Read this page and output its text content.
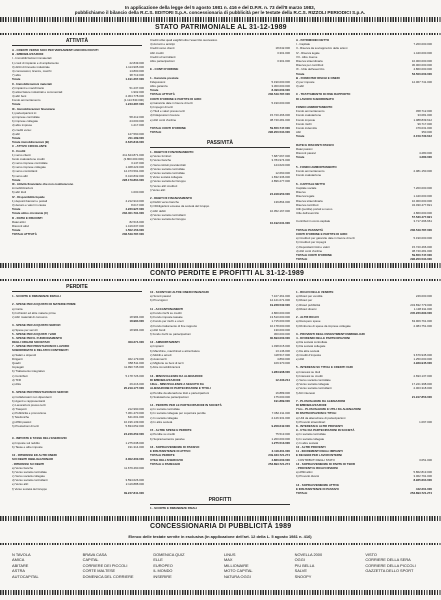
In applicazione della legge del 5 agosto 1981 n. 416 e del D.P.R. n. 73 dell'8 marzo 1983,
pubblichiamo il bilancio della R.C.S. EDITORI S.p.A. concessionaria di pubblicità per le testate della R.C.S. RIZZOLI PERIODICI S.p.A.
STATO PATRIMONIALE AL 31-12-1989
ATTIVITÀ
A - CREDITI VERSO SOCI PER VERSAMENTI ANCORA DOVUTI
B - IMMOBILIZZAZIONI
I - Immobilizzazioni immateriali
1) costi di impianto e di ampliamento	22.849.000
3) diritti di brevetto industriale	1.114.905.000
4) concessioni, licenze, marchi	14.800.000
7) altre	38.713.000
Totale	1.191.267.000
II - Immobilizzazioni materiali
2) impianti e macchinario	51.237.000
3) attrezzature industriali e commerciali	1.902.000
4) altri beni	2.304.778.000
Fondo ammortamento	(1.114.530.000)
Totale	1.243.387.000
III - Immobilizzazioni finanziarie
1) partecipazioni in:
a) imprese controllate	58.412.000
b) imprese collegate	24.000.000
d) altre imprese	1.217.000
2) crediti verso:
d) altri	127.560.000
Totale	211.189.000
Totale immobilizzazioni (B)	2.645.843.000
C - ATTIVO CIRCOLANTE
II - Crediti
1) verso clienti	211.624.871.000
fondo svalutazione crediti	(3.800.000.000)
2) verso imprese controllate	3.147.000
3) verso imprese collegate	1.468.223.000
4) verso controllanti	12.473.591.000
5) verso altri	6.410.832.000
Totale	228.179.864.000
III - Attività finanziarie che non costituiscono
immobilizzazioni
6) altri titoli	1.000.000
IV - Disponibilità liquide
1) depositi bancari e postali	4.212.910.000
3) denaro e valori in cassa	8.017.000
Totale	4.220.927.000
Totale attivo circolante (C)	232.401.791.000
D - RATEI E RISCONTI
Ratei attivi	82.516.000
Risconti attivi	1.419.637.000
Totale	1.502.153.000
TOTALE ATTIVITÀ	236.549.787.000
Crediti v/dei quali esigibili oltre l'esercizio successivo
4) Acconti e anticipi
Crediti verso clienti	18.642.000
Altri crediti	3.301.000
Crediti v/controllanti
Altre partecipazioni	3.301.000
E - CONTI D'ORDINE
1 - Garanzie prestate
Fidejussioni	5.190.000.000
Altre garanzie	3.300.000.000
Totale	8.490.000.000
TOTALE ATTIVITÀ	236.549.787.000
CONTI D'ORDINE E PARTITE DI GIRO
a) Garanzie date in favore di terzi	5.190.000.000
b) Impegni di terzi
c) Titoli e valori presso terzi
d) Fidejussioni ricevute	15.720.466.000
e) Altri conti d'ordine	38.740.281.000
TOTALE CONTI D'ORDINE	59.650.747.000
TOTALE	296.200.534.000
A - PATRIMONIO NETTO
I - Capitale	7.200.000.000
II - Riserva da sovrapprezzo delle azioni
IV - Riserva legale	1.440.000.000
VII - Altre riserve
Riserva straordinaria	10.000.000.000
Riserva per contributi	30.000.000.000
IX - Utile dell'esercizio	4.860.000.000
Totale	53.500.000.000
B - FONDI PER RISCHI E ONERI
2) per imposte	12.067.741.000
3) altri
C - TRATTAMENTO DI FINE RAPPORTO
DI LAVORO SUBORDINATO
FONDO AMMORTAMENTO
Fondo ammortamento	458.712.000
Fondo svalutazione	33.081.000
Fondo imposte	1.088.839.612
Fondo rischi	99.717.000
Fondo indennità	479.031.000
Altri	350.000
Totale	2.159.730.612
RATEI E RISCONTI PASSIVI
Ratei passivi
Risconti passivi	4.280.000
Totale	4.280.000
PASSIVITÀ
1 - DEBITI DI FUNZIONAMENTO
a) Verso fornitori	7.687.067.000
b) Verso banche	3.784.974.000
c) Verso istituti previdenziali	124.620.000
d) Verso società controllate
e) Verso società controllate	12.660.000
f) Verso società collegate	1.832.336.000
g) Verso società del Gruppo	4.896.277.000
h) Verso altri creditori
i) Verso altri
24.918.950.000
2 - DEBITI DI FINANZIAMENTO
a) Debiti verso banche	139.864.000
b) Obbligazioni emesse da società del Gruppo
c) Altri debiti	10.052.167.000
d) Verso società controllanti
e) Verso società del Gruppo
10.192.031.000
5 - FONDO AMMORTAMENTO
Fondo ammortamento	2.081.150.000
Fondo svalutazione
6 - CAPITALE NETTO
Capitale sociale	7.200.000.000
Riserve
Riserva legale	1.440.000.000
Riserva straordinaria	10.000.000.000
Riserva contributi	34.030.477.821
Utili (perdite) portati a nuovo
Utile dell'esercizio	4.860.000.000
57.530.477.821
Contributi in conto capitale	3.717.296.661
TOTALE PASSIVITÀ	236.549.787.000
CONTI D'ORDINE E PARTITE DI GIRO
a) Creditori per garanzie date in favore di terzi	5.190.000.000
b) Creditori per impegni
c) Depositanti titoli e valori	15.720.466.000
d) Altri conti d'ordine	38.740.281.000
TOTALE CONTI D'ORDINE	59.650.747.000
TOTALE	296.200.534.000
CONTO PERDITE E PROFITTI AL 31-12-1989
PERDITE
1 - SCORTE E RIMANENZE INIZIALI
2 - SPESE PER ACQUISTO DI MATERIE PRIME
a) Carta
b) Inchiostri ed altre materie prime
c) Altri materiali di consumo	18.984.000
18.984.000
3 - SPESE PER ACQUISTO SERVIZI
a) Spese per servizi	18.984.000
5 - SPESE PER ACQUISTI / VARI
6 - SPESE PER IL FUNZIONAMENTO
DEGLI ORGANI SOCIETARI	409.271.000
7 - SPESE PER PRESTAZIONI DI LAVORO
SUBORDINATO E RELATIVI CONTRIBUTI
a) Salari e stipendi
Dirigenti	462.179.000
Quadri	958.511.000
Impiegati	11.990.745.000
b) Trattamento integrativo
c) Contributi	5.178.726.000
d) TFR
e) Altre	29.216.000
20.219.177.000
8 - SPESE PER PRESTAZIONI DI SERVIZI
a) Collaboratori non dipendenti
b) Agenti e rappresentanti
c) Lavorazioni presso terzi
d) Trasporti	212.990.000
e) Pubblicità e promozione	7.361.470.000
f) Telefoniche	641.601.000
g) Affitti passivi	10.196.139.000
h) Prestazioni di terzi	5.834.052.000
24.246.252.000
9 - IMPOSTE E TASSE DELL'ESERCIZIO
a) Imposte sul reddito	1.275.638.000
b) Tasse e altre imposte	191.314.000
10 - INTERESSI ED ALTRI ONERI
SUI DEBITI OBBLIGAZIONARI	3.002.300.000
- INTERESSI SU DEBITI
a) Verso banche	11.679.460.000
b) Verso società controllate
c) Verso società collegate
d) Verso società controllanti	3.594.626.000
e) Verso altri	2.119.888.000
f) Verso società del Gruppo
39.247.841.000
10 - SCONTI ED ALTRE ONERI FINANZIARI
a) Sconti passivi	7.107.461.000
b) Provvigioni	12.121.071.000
19.228.532.000
11 - ACCANTONAMENTI
a) Fondo rischi su crediti	4.860.000.000
b) Fondo imposte tassate	13.510.000.000
c) Fondo per rischi e oneri	1.715.000.000
d) Fondo trattamento di fine rapporto	10.178.000.000
e) Altri fondi	130.000.000
f) Fondo rischi su partecipazioni	300.000.000
30.693.000.000
12 - AMMORTAMENTI
a) Impianti	1.038.015.000
b) Macchine, macchinari e attrezzature	13.146.000
c) Mobili e arredi	118.517.000
d) Automezzi	4.860.000
e) Migliorie su beni di terzi	109.370.000
f) Altre immobilizzazioni
1.283.908.000
13 - MINUSVALENZE DA ALIENAZIONI
DI IMMOBILIZZAZIONI	12.433.214
13bis - MINUSVALENZE A SEGUITO DA
ALIENAZIONE DI PARTECIPAZIONI E TITOLI
a) Perdite da alienazione titoli e partecipazioni	16.889.000
b) Svalutazione partecipazioni	175.000.000
191.889.000
14 - PERDITE PER LE PARTECIPAZIONI IN SOCIETÀ
a) In società controllate
b) In società collegate per copertura perdite	7.082.311.000
c) In società collegate	2.126.331.000
d) In altre società
9.208.642.000
15 - ALTRE SPESE E PERDITE
a) Perdite su crediti	75.513.000
b) Sopravvenienze passive	1.200.000.000
1.275.513.000
16 - SOPRAVVENIENZE DI PASSIVO
E INSUSSISTENZE DI ATTIVO	2.118.301.000
TOTALE PERDITE	249.033.721.274
UTILE DELL'ESERCIZIO	4.860.000.000
TOTALE A PAREGGIO	253.893.721.274
1 - RICAVI DELLE VENDITE
a) Ricavi per vendita	249.000.000
b) Ricavi per
c) Ricavi pubblicità	243.832.779.000
d) Ricavi diversi	1.138.911.000
245.220.690.000
2 - ALTRI RICAVI
a) Recupero spese	63.909.761.000
b) Rimborso di spese da imprese collegate	2.084.751.000
3 - PROVENTI DEGLI INVESTIMENTI IMMOBILIARI
4 - DIVIDENDI DELLE PARTECIPAZIONI
a) Da società controllate
b) Da società collegate
c) Da altre società
d) Crediti d'imposta	3.679.945.000
e) Altri	1.250.000.000
4.929.945.000
5 - INTERESSI SU TITOLI E CREDITI VARI
a) Interessi su titoli
b) Interessi su crediti	2.693.137.000
c) Verso società controllate
d) Verso società collegate	17.221.398.000
e) Verso società controllanti	2.003.318.000
f) Altri interessi
21.917.853.000
7 - PLUSVALENZE DA ALIENAZIONI
DI IMMOBILIZZAZIONI
7 bis - PLUSVALENZE E UTILI DA ALIENAZIONI
DI PARTECIPAZIONI E TITOLI
a) Utili da alienazione di partecipazioni
b) Proventi straordinari	1.097.000
8 - INTERESSI E ALTRI PROVENTI
9 - UTILI DA PARTECIPAZIONI IN SOCIETÀ
a) In società controllate
b) In società collegate
c) In altre società
10 - ALTRI PROVENTI
11 - INCREMENTI DEGLI IMPIANTI
E DEI BENI PER LAVORI INTERNI
- CONTRIBUTI DEGLI STATO	3.051.000
12 - SOPRAVVENIENZE DI PARTE DI TERZI
- PROVENTI E RICAVI DIVERSI
a) Affitti attivi	5.862.813.000
b) Proventi diversi	3.062.791.000
8.925.604.000
13 - SOPRAVVENIENZE ATTIVE
E INSUSSISTENZE DI PASSIVO	442.201.000
TOTALE	253.893.721.274
PROFITTI
1 - SCORTE E RIMANENZE FINALI
CONCESSIONARIA DI PUBBLICITÀ 1989
Elenco delle testate servite in esclusiva (in applicazione dell'art. 12 della L. 5 agosto 1981 n. 416)
N TAVOLA	BRAVA CASA	DOMENICA QUIZ	LINUS	NOVELLA 2000	VISTO
AMICA	CAPITAL	ELLE	MAX	OGGI	CORRIERE DELLA SERA
ABITARE	CORRIERE DEI PICCOLI	EUROPEO	MILLIONAIRE	PIU BELLA	CORRIERE DELLA PICCOLI
ASTRA	CORTE MALTESE	IL MONDO	MOTO CAPITAL	SALVE	GAZZETTA DELLO SPORT
AUTOCAPITAL	DOMENICA DEL CORRIERE	INSERIRE	NATURA OGGI	SNOOPY
